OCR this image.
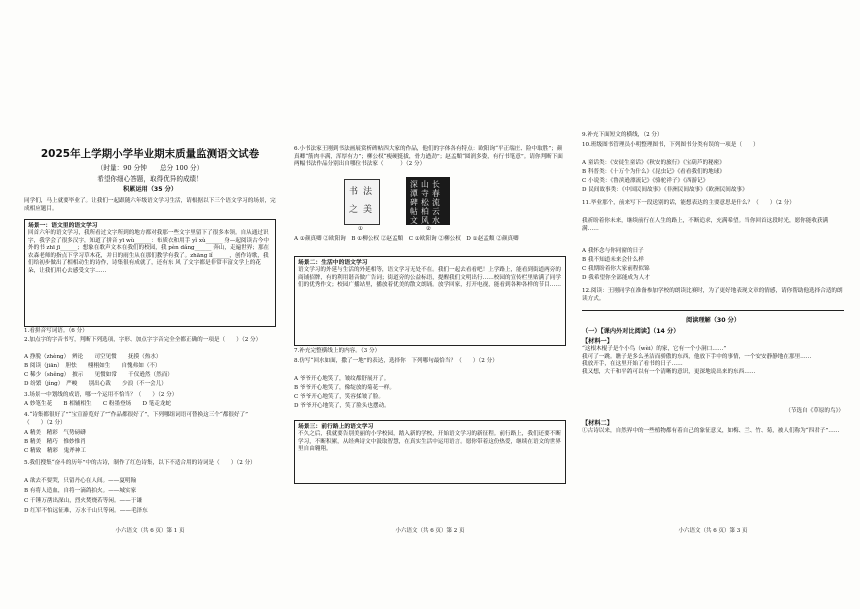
2025年上学期小学毕业期末质量监测语文试卷
（时量：90 分钟　　总分 100 分）
希望你细心答题，取得优异的成绩！
积累运用（35 分）

同学们，马上就要毕业了。让我们一起跟随六年级语文学习生活，请根据以下三个语文学习的场景，完成相应题目。

场景一：语文里的语文学习

回首六年的语文学习，我所看过文字所到的地方都对我那一些文字里留下了很多本领。自从通过识字，我学会了很多汉字，知道了拼音 yī wù______：布质衣和用手 yǐ xù______ 身—起阅读古今中外的书 zhī jī______；想象在歌声文本在我们的校园，我 pèn dǎng______ 奔山，走遍世界；那在农森老师的指点下学习草木花，并日的雨生从在那们教学有我了。zhāng lǐ______，创作诗歌，我们给初步做出了相相动生的诗作，诗集很有成就了，还有东 风 了文字都是非常丰富文学上的花朵，让我们用心去感受文字……

1.看拼音写词语。（6 分）

2.加点字的字音书写，判断下列选项，字形、加点字字音完全全都正确的一项是（　　）（2 分）

A 挣脱（zhèng）　辨论　　司空见惯　　抚摸（热水）

B 阅读（jiān）　胆怯　　栩栩如生　　自愧弗如（不）

C 稀少（shěng）　披示　　见惯如常　　千仪逊然（然而）

D 纷繁（jìng）　严峻　　别出心裁　　少浪（不一会儿）

3.场景一中划线的成语，哪一个运用不恰当？（　　）（2 分）

A 妙笔生花　　B 相辅相生　　C 粉墨登场　　D 笔走龙蛇

4.“诗集都很好了”“宝宣游览好了”“作品都很好了”，下列哪组词语可替换这三个“都很好了”　　　（　　）（2 分）

A 精美　精彩　气势磅礴

B 精美　精巧　惟妙惟肖

C 精致　精彩　鬼斧神工

5.我们搜集“奋斗的历年”中的古诗，制作了红色诗集，以下不适合用的诗词是（　　）（2 分）

A 欲去不要哭，只留丹心在人间。——夏明翰

B 有将人造血，自将一滴鸽拍火。——城实家

C 千锤万凿出深山，烈火焚烧若等闲。——于谦

D 红军不怕远征难，万水千山只等闲。——毛泽东

小六语文（共 6 页）第 1 页

6.小书法家王刚到书法画展赏析碑帖四大家的作品，他们的字体各有特点：欧阳询“平正端庄、险中取胜”；颜真卿“筋肉丰满，浑厚有力”；柳公权“瘦硬挺拔，骨力遒劲”；赵孟頫“圆润多姿，有行书笔意”。请你判断下面两幅书法作品分别出自哪位书法家（　　　）（2 分）

书 法
之 美
深
潭
碑
帖
文
山
寺
松
柏
风
长
春
流
云
水
①	②

A ①颜真卿 ②欧阳询　B ①柳公权 ②赵孟頫　C ①欧阳询 ②柳公权　D ①赵孟頫 ②颜真卿

场景二：生活中的语文学习

语文学习的外延与生活的外延相等，语文学习无处不在。我们一起去看看吧！上学路上，能看到街道两旁的商铺招牌，有的利用谐音做广告词；街道旁的公益标语，提醒我们文明出行……校园的宣传栏里贴满了同学们的优秀作文；校园广播站里，播放着优美的散文朗诵。放学回家，打开电视，能看到各种各样的节目……

7.补充完整横线上的内容。（3 分）

8.仿写“回水如面，撒了一地”的表达，选择你　下列哪句最恰当？（　　）（2 分）

A 爷爷开心地笑了，皱纹都舒展开了。

B 爷爷开心地笑了，像绽放的菊花一样。

C 爷爷开心地笑了，笑容揉皱了脸。

D 爷爷开心地笑了，笑了脸头也摆动。

场景三：前行路上的语文学习

不久之后，我就要告别美丽的小学校园，踏入新的学校，开始语文学习的新征程。前行路上，我们还要不断学习，不断积累，从经典诗文中汲取智慧，在真实生活中运用语言。愿你带着这份热爱，继续在语文的世界里自由翱翔。

小六语文（共 6 页）第 2 页

9.补充下面短文的横线，（2 分）

10.班级图书管理员小明整理图书，下列图书分类有误的一项是（　　）

A 童话类：《安徒生童话》《秋安的旅行》《宝葫芦的秘密》

B 科普类：《十万个为什么》《昆虫记》《看看我们的地球》

C 小说类：《鲁滨逊漂流记》《骆驼祥子》《西游记》

D 民间故事类：《中国民间故事》《非洲民间故事》《欧洲民间故事》

11.毕业那个，前来写下一段送别的话，能想表达的主要意思是什么？（　　）（2 分）

我祈盼着你未来，继续前行在人生的路上，不断追求，充满希望。当你回首这段时光，愿你能收获满满……

A 我怀念与你同窗的日子

B 我不知道未来会什么样

C 我期盼着你大家前程似锦

D 我希望你全部能成为人才

12.阅读：王刚同学在准备参加学校的朗读比赛时，为了更好地表现文章的情感，请你帮助他选择合适的朗读方式。

阅读理解（30 分）
（一）【课内外对比阅读】（14 分）
【材料一】

“这根木棍子是个小鸟（wèi）的家，它有一个小洞口……”
我可了一跳。瞧子是多么圣洁而骄傲的东西，他放下手中的事情，一个安安静静地在那里……
我放开手，在这里开始了看书的日子……
我又想，大千和平鸽可以有一个清晰的意识，更深地说出来的东西……

（节选自《草原的鸟》）

【材料二】

①古诗以来，自然界中的一些植物都有着自己的象征意义，如梅、兰、竹、菊，被人们称为“四君子”……

小六语文（共 6 页）第 3 页
